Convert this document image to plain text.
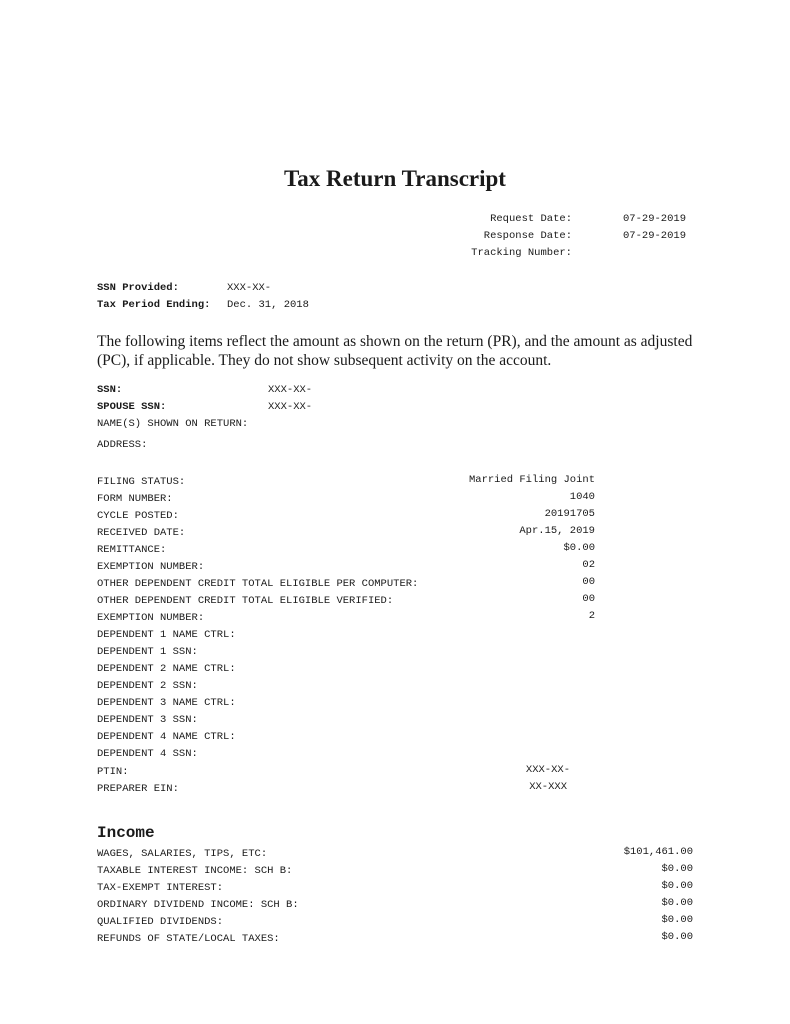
Tax Return Transcript
Request Date:	07-29-2019
Response Date:	07-29-2019
Tracking Number:
SSN Provided:	XXX-XX-
Tax Period Ending: Dec. 31, 2018
The following items reflect the amount as shown on the return (PR), and the amount as adjusted (PC), if applicable. They do not show subsequent activity on the account.
SSN:	XXX-XX-
SPOUSE SSN:	XXX-XX-
NAME(S) SHOWN ON RETURN:
ADDRESS:
FILING STATUS:	Married Filing Joint
FORM NUMBER:	1040
CYCLE POSTED:	20191705
RECEIVED DATE:	Apr.15, 2019
REMITTANCE:	$0.00
EXEMPTION NUMBER:	02
OTHER DEPENDENT CREDIT TOTAL ELIGIBLE PER COMPUTER:	00
OTHER DEPENDENT CREDIT TOTAL ELIGIBLE VERIFIED:	00
EXEMPTION NUMBER:	2
DEPENDENT 1 NAME CTRL:
DEPENDENT 1 SSN:
DEPENDENT 2 NAME CTRL:
DEPENDENT 2 SSN:
DEPENDENT 3 NAME CTRL:
DEPENDENT 3 SSN:
DEPENDENT 4 NAME CTRL:
DEPENDENT 4 SSN:
PTIN:	XXX-XX-
PREPARER EIN:	XX-XXX
Income
WAGES, SALARIES, TIPS, ETC:	$101,461.00
TAXABLE INTEREST INCOME: SCH B:	$0.00
TAX-EXEMPT INTEREST:	$0.00
ORDINARY DIVIDEND INCOME: SCH B:	$0.00
QUALIFIED DIVIDENDS:	$0.00
REFUNDS OF STATE/LOCAL TAXES:	$0.00
